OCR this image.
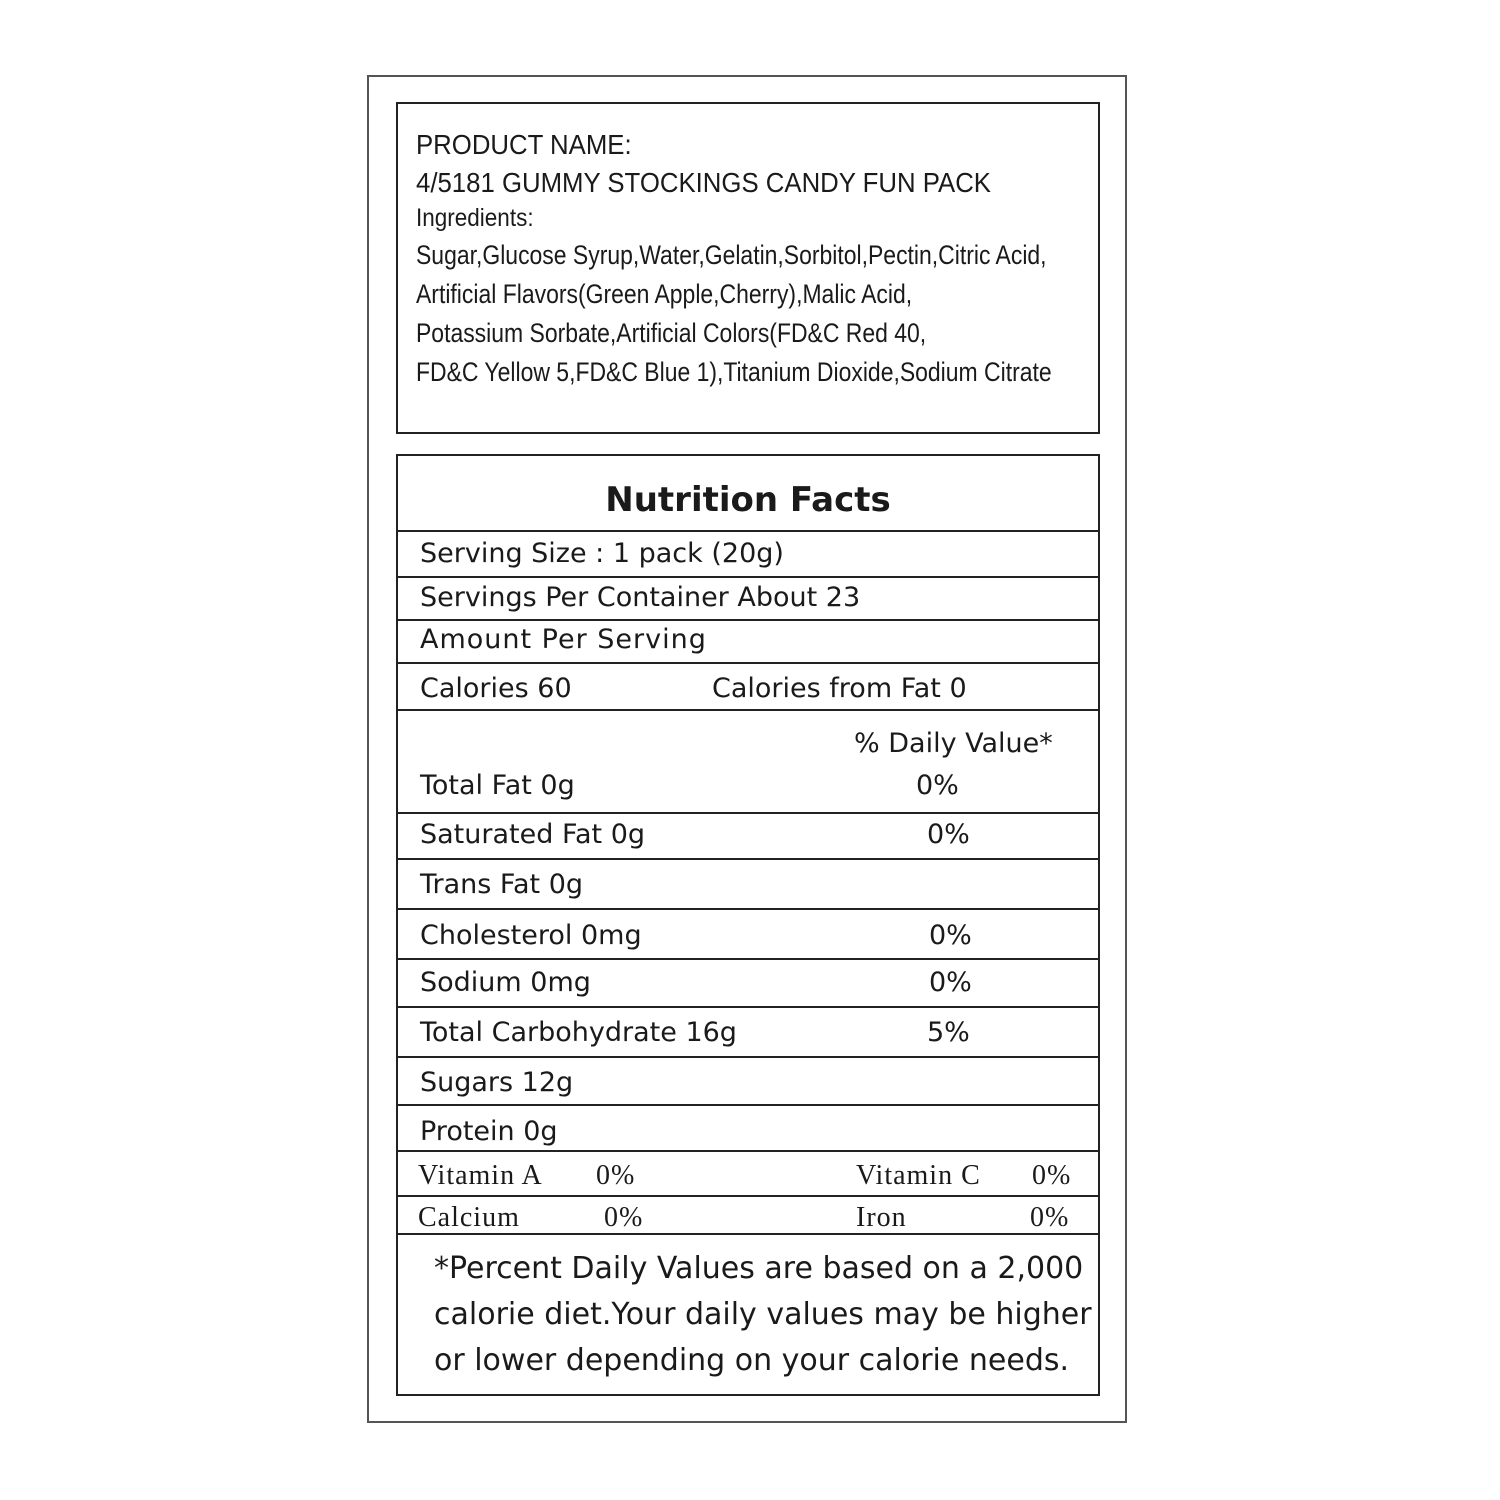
PRODUCT NAME:
4/5181 GUMMY STOCKINGS CANDY FUN PACK
Ingredients:
Sugar,Glucose Syrup,Water,Gelatin,Sorbitol,Pectin,Citric Acid,
Artificial Flavors(Green Apple,Cherry),Malic Acid,
Potassium Sorbate,Artificial Colors(FD&C Red 40,
FD&C Yellow 5,FD&C Blue 1),Titanium Dioxide,Sodium Citrate
Nutrition Facts
Serving Size : 1 pack (20g)
Servings Per Container About 23
Amount Per Serving
Calories 60	Calories from Fat 0
% Daily Value*
Total Fat 0g	0%
Saturated Fat 0g	0%
Trans Fat 0g
Cholesterol 0mg	0%
Sodium 0mg	0%
Total Carbohydrate 16g	5%
Sugars 12g
Protein 0g
Vitamin A 0%	Vitamin C 0%
Calcium	0%	Iron	0%
*Percent Daily Values are based on a 2,000
calorie diet.Your daily values may be higher
or lower depending on your calorie needs.
